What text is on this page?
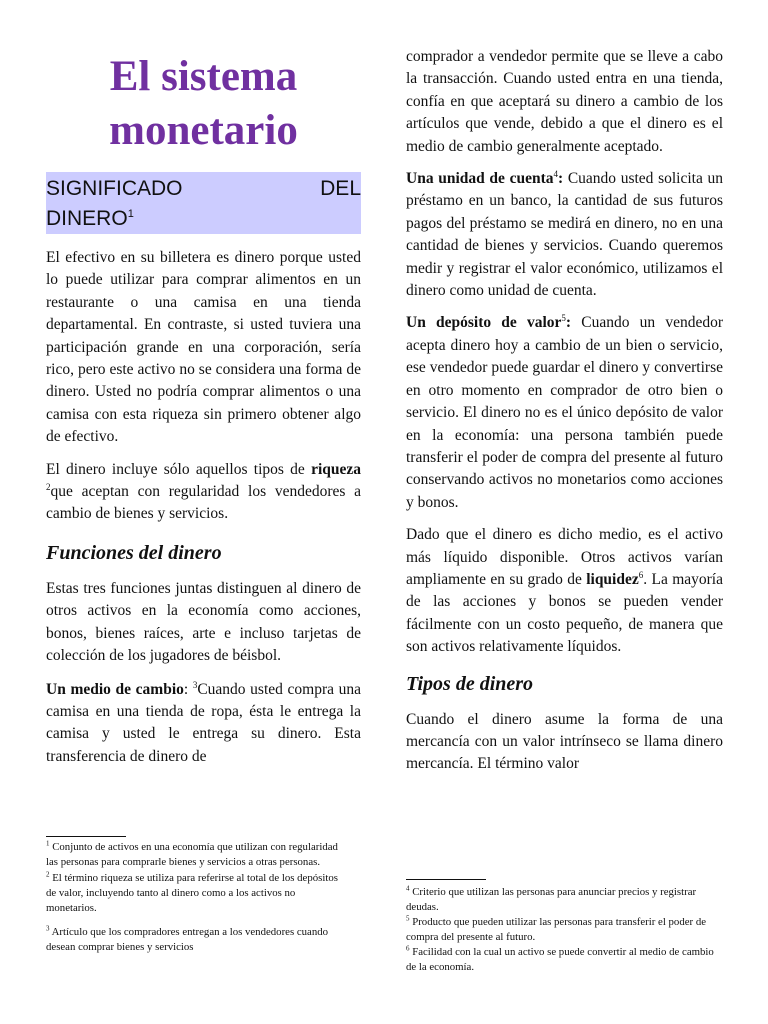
El sistema monetario
SIGNIFICADO	DEL
DINERO$^1$

El efectivo en su billetera es dinero porque usted lo puede utilizar para comprar alimentos en un restaurante o una camisa en una tienda departamental. En contraste, si usted tuviera una participación grande en una corporación, sería rico, pero este activo no se considera una forma de dinero. Usted no podría comprar alimentos o una camisa con esta riqueza sin primero obtener algo de efectivo.

El dinero incluye sólo aquellos tipos de riqueza $^2$que aceptan con regularidad los vendedores a cambio de bienes y servicios.

Funciones del dinero

Estas tres funciones juntas distinguen al dinero de otros activos en la economía como acciones, bonos, bienes raíces, arte e incluso tarjetas de colección de los jugadores de béisbol.

Un medio de cambio: $^3$Cuando usted compra una camisa en una tienda de ropa, ésta le entrega la camisa y usted le entrega su dinero. Esta transferencia de dinero de

$^1$ Conjunto de activos en una economía que utilizan con regularidad las personas para comprarle bienes y servicios a otras personas.

$^2$ El término riqueza se utiliza para referirse al total de los depósitos de valor, incluyendo tanto al dinero como a los activos no monetarios.

$^3$ Artículo que los compradores entregan a los vendedores cuando desean comprar bienes y servicios

comprador a vendedor permite que se lleve a cabo la transacción. Cuando usted entra en una tienda, confía en que aceptará su dinero a cambio de los artículos que vende, debido a que el dinero es el medio de cambio generalmente aceptado.

Una unidad de cuenta$^4$: Cuando usted solicita un préstamo en un banco, la cantidad de sus futuros pagos del préstamo se medirá en dinero, no en una cantidad de bienes y servicios. Cuando queremos medir y registrar el valor económico, utilizamos el dinero como unidad de cuenta.

Un depósito de valor$^5$: Cuando un vendedor acepta dinero hoy a cambio de un bien o servicio, ese vendedor puede guardar el dinero y convertirse en otro momento en comprador de otro bien o servicio. El dinero no es el único depósito de valor en la economía: una persona también puede transferir el poder de compra del presente al futuro conservando activos no monetarios como acciones y bonos.

Dado que el dinero es dicho medio, es el activo más líquido disponible. Otros activos varían ampliamente en su grado de liquidez$^6$. La mayoría de las acciones y bonos se pueden vender fácilmente con un costo pequeño, de manera que son activos relativamente líquidos.

Tipos de dinero

Cuando el dinero asume la forma de una mercancía con un valor intrínseco se llama dinero mercancía. El término valor

$^4$ Criterio que utilizan las personas para anunciar precios y registrar deudas.

$^5$ Producto que pueden utilizar las personas para transferir el poder de compra del presente al futuro.

$^6$ Facilidad con la cual un activo se puede convertir al medio de cambio de la economía.
